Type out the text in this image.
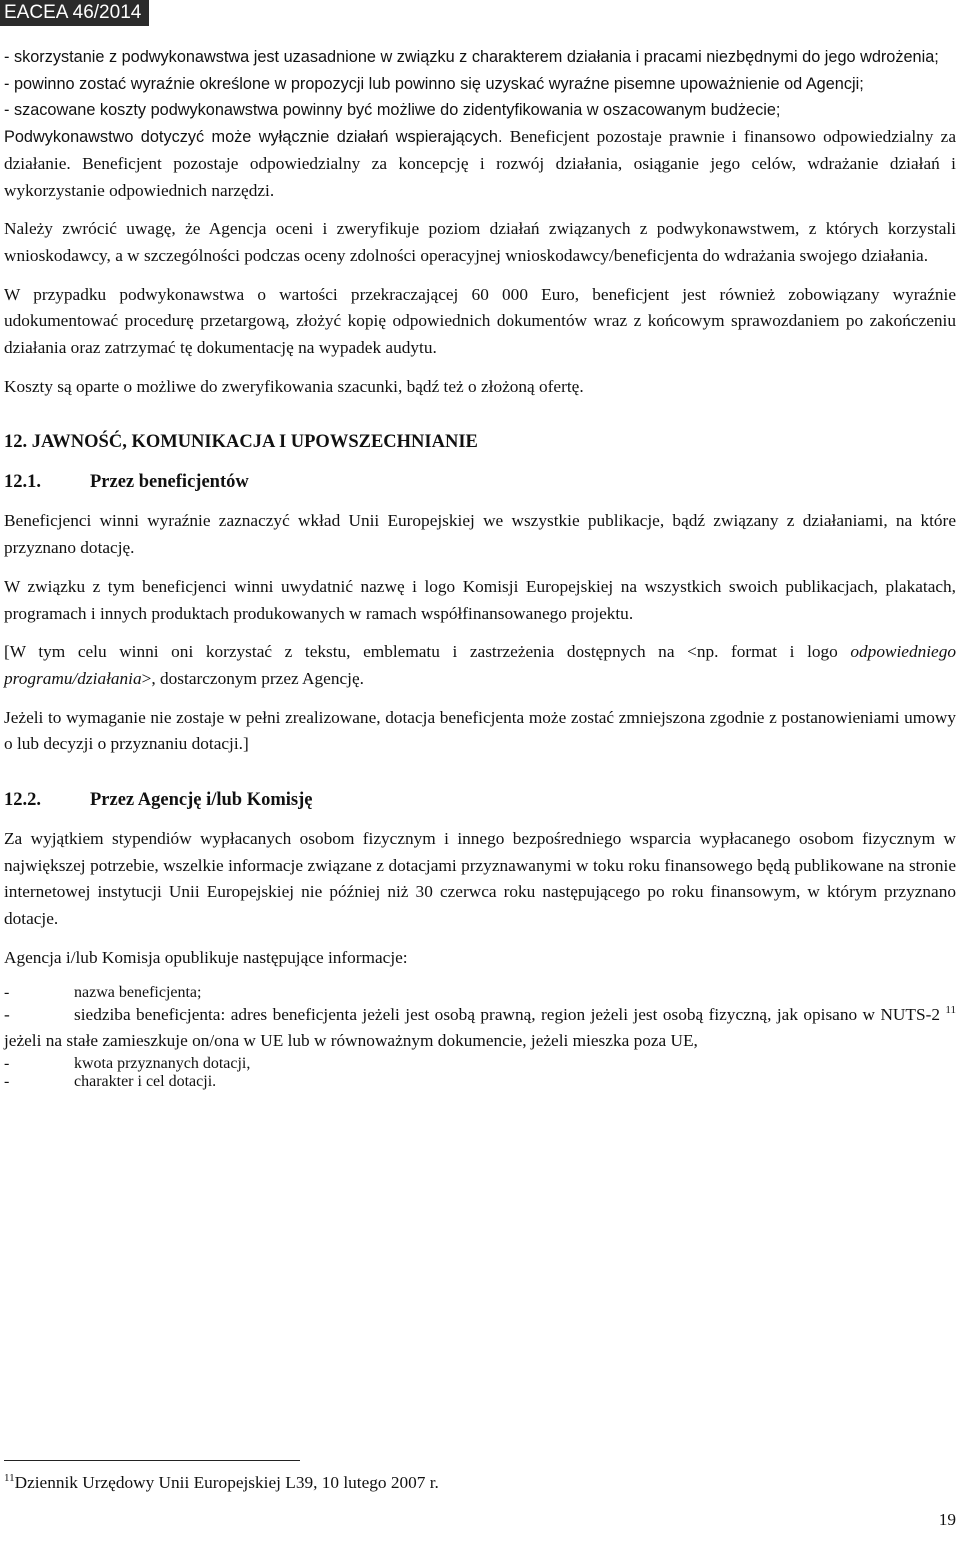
EACEA 46/2014

- skorzystanie z podwykonawstwa jest uzasadnione w związku z charakterem działania i pracami niezbędnymi do jego wdrożenia;

- powinno zostać wyraźnie określone w propozycji lub powinno się uzyskać wyraźne pisemne upoważnienie od Agencji;

- szacowane koszty podwykonawstwa powinny być możliwe do zidentyfikowania w oszacowanym budżecie;

Podwykonawstwo dotyczyć może wyłącznie działań wspierających. Beneficjent pozostaje prawnie i finansowo odpowiedzialny za działanie. Beneficjent pozostaje odpowiedzialny za koncepcję i rozwój działania, osiąganie jego celów, wdrażanie działań i wykorzystanie odpowiednich narzędzi.

Należy zwrócić uwagę, że Agencja oceni i zweryfikuje poziom działań związanych z podwykonawstwem, z których korzystali wnioskodawcy, a w szczególności podczas oceny zdolności operacyjnej wnioskodawcy/beneficjenta do wdrażania swojego działania.

W przypadku podwykonawstwa o wartości przekraczającej 60 000 Euro, beneficjent jest również zobowiązany wyraźnie udokumentować procedurę przetargową, złożyć kopię odpowiednich dokumentów wraz z końcowym sprawozdaniem po zakończeniu działania oraz zatrzymać tę dokumentację na wypadek audytu.

Koszty są oparte o możliwe do zweryfikowania szacunki, bądź też o złożoną ofertę.

12. JAWNOŚĆ, KOMUNIKACJA I UPOWSZECHNIANIE
12.1.	Przez beneficjentów

Beneficjenci winni wyraźnie zaznaczyć wkład Unii Europejskiej we wszystkie publikacje, bądź związany z działaniami, na które przyznano dotację.

W związku z tym beneficjenci winni uwydatnić nazwę i logo Komisji Europejskiej na wszystkich swoich publikacjach, plakatach, programach i innych produktach produkowanych w ramach współfinansowanego projektu.

[W tym celu winni oni korzystać z tekstu, emblematu i zastrzeżenia dostępnych na <np. format i logo odpowiedniego programu/działania>, dostarczonym przez Agencję.

Jeżeli to wymaganie nie zostaje w pełni zrealizowane, dotacja beneficjenta może zostać zmniejszona zgodnie z postanowieniami umowy o lub decyzji o przyznaniu dotacji.]

12.2.	Przez Agencję i/lub Komisję

Za wyjątkiem stypendiów wypłacanych osobom fizycznym i innego bezpośredniego wsparcia wypłacanego osobom fizycznym w największej potrzebie, wszelkie informacje związane z dotacjami przyznawanymi w toku roku finansowego będą publikowane na stronie internetowej instytucji Unii Europejskiej nie później niż 30 czerwca roku następującego po roku finansowym, w którym przyznano dotacje.

Agencja i/lub Komisja opublikuje następujące informacje:

-	nazwa beneficjenta;

-	siedziba beneficjenta: adres beneficjenta jeżeli jest osobą prawną, region jeżeli jest osobą fizyczną, jak opisano w NUTS-2 $^{11}$ jeżeli na stałe zamieszkuje on/ona w UE lub w równoważnym dokumencie, jeżeli mieszka poza UE,

-	kwota przyznanych dotacji,
-	charakter i cel dotacji.
$^{11}$Dziennik Urzędowy Unii Europejskiej L39, 10 lutego 2007 r.
19
